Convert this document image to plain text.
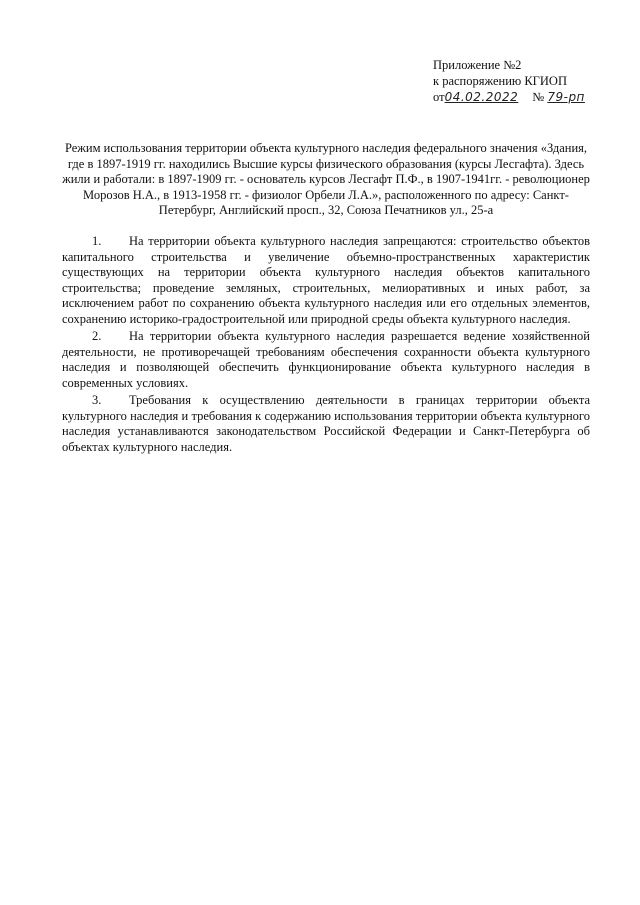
Приложение №2
к распоряжению КГИОП
от04.02.2022 № 79-рп
Режим использования территории объекта культурного наследия федерального значения «Здания, где в 1897-1919 гг. находились Высшие курсы физического образования (курсы Лесгафта). Здесь жили и работали: в 1897-1909 гг. - основатель курсов Лесгафт П.Ф., в 1907-1941гг. - революционер Морозов Н.А., в 1913-1958 гг. - физиолог Орбели Л.А.», расположенного по адресу: Санкт-Петербург, Английский просп., 32, Союза Печатников ул., 25-а

1. На территории объекта культурного наследия запрещаются: строительство объектов капитального строительства и увеличение объемно-пространственных характеристик существующих на территории объекта культурного наследия объектов капитального строительства; проведение земляных, строительных, мелиоративных и иных работ, за исключением работ по сохранению объекта культурного наследия или его отдельных элементов, сохранению историко-градостроительной или природной среды объекта культурного наследия.

2. На территории объекта культурного наследия разрешается ведение хозяйственной деятельности, не противоречащей требованиям обеспечения сохранности объекта культурного наследия и позволяющей обеспечить функционирование объекта культурного наследия в современных условиях.

3. Требования к осуществлению деятельности в границах территории объекта культурного наследия и требования к содержанию использования территории объекта культурного наследия устанавливаются законодательством Российской Федерации и Санкт-Петербурга об объектах культурного наследия.
